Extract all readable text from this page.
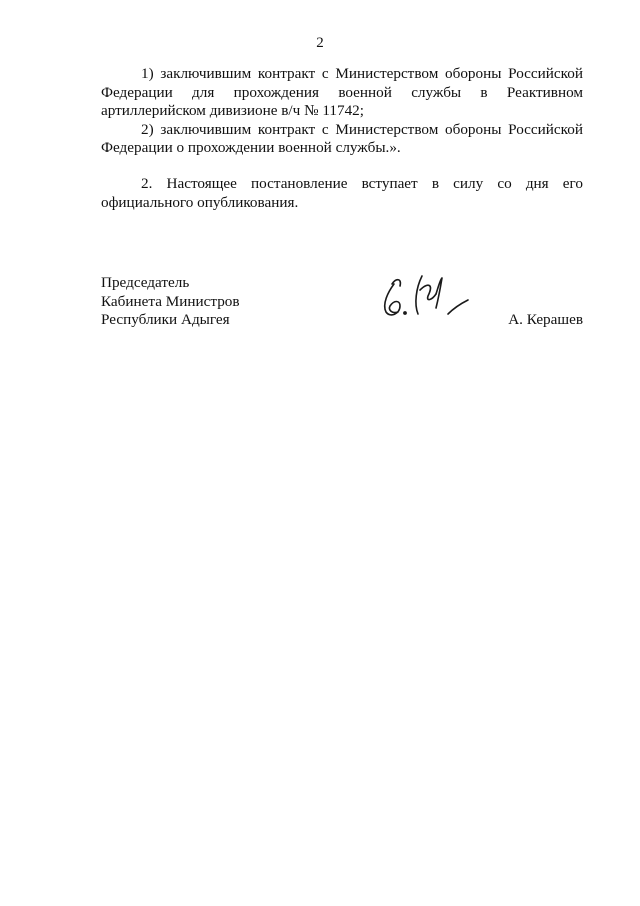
2

1) заключившим контракт с Министерством обороны Российской Федерации для прохождения военной службы в Реактивном артиллерийском дивизионе в/ч № 11742;

2) заключившим контракт с Министерством обороны Российской Федерации о прохождении военной службы.».

2. Настоящее постановление вступает в силу со дня его официального опубликования.

Председатель
Кабинета Министров
Республики Адыгея	А. Керашев
